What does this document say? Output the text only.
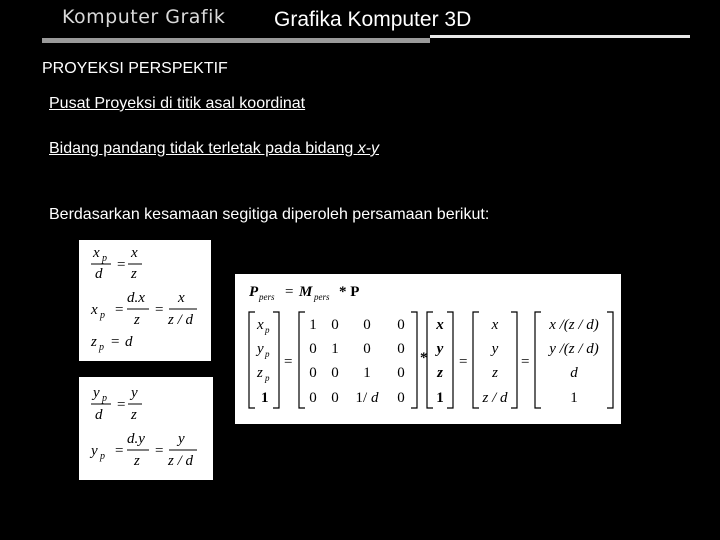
Komputer Grafik Grafika Komputer 3D
PROYEKSI PERSPEKTIF
Pusat Proyeksi di titik asal koordinat
Bidang pandang tidak terletak pada bidang x-y
Berdasarkan kesamaan segitiga diperoleh persamaan berikut:
x p
d
=
x
z
x p =
d.x
z
=
x
z / d
z p = d
y p
d
=
y
z
y p =
d.y
z
=
y
z / d
P pers = M pers * P
x p
y p
z p
1
=
1 0 0 0
0 1 0 0
0 0 1 0
0 0 1/ d 0
*
x
y
z
1
=
x
y
z
z / d
=
x /(z / d)
y /(z / d)
d
1
